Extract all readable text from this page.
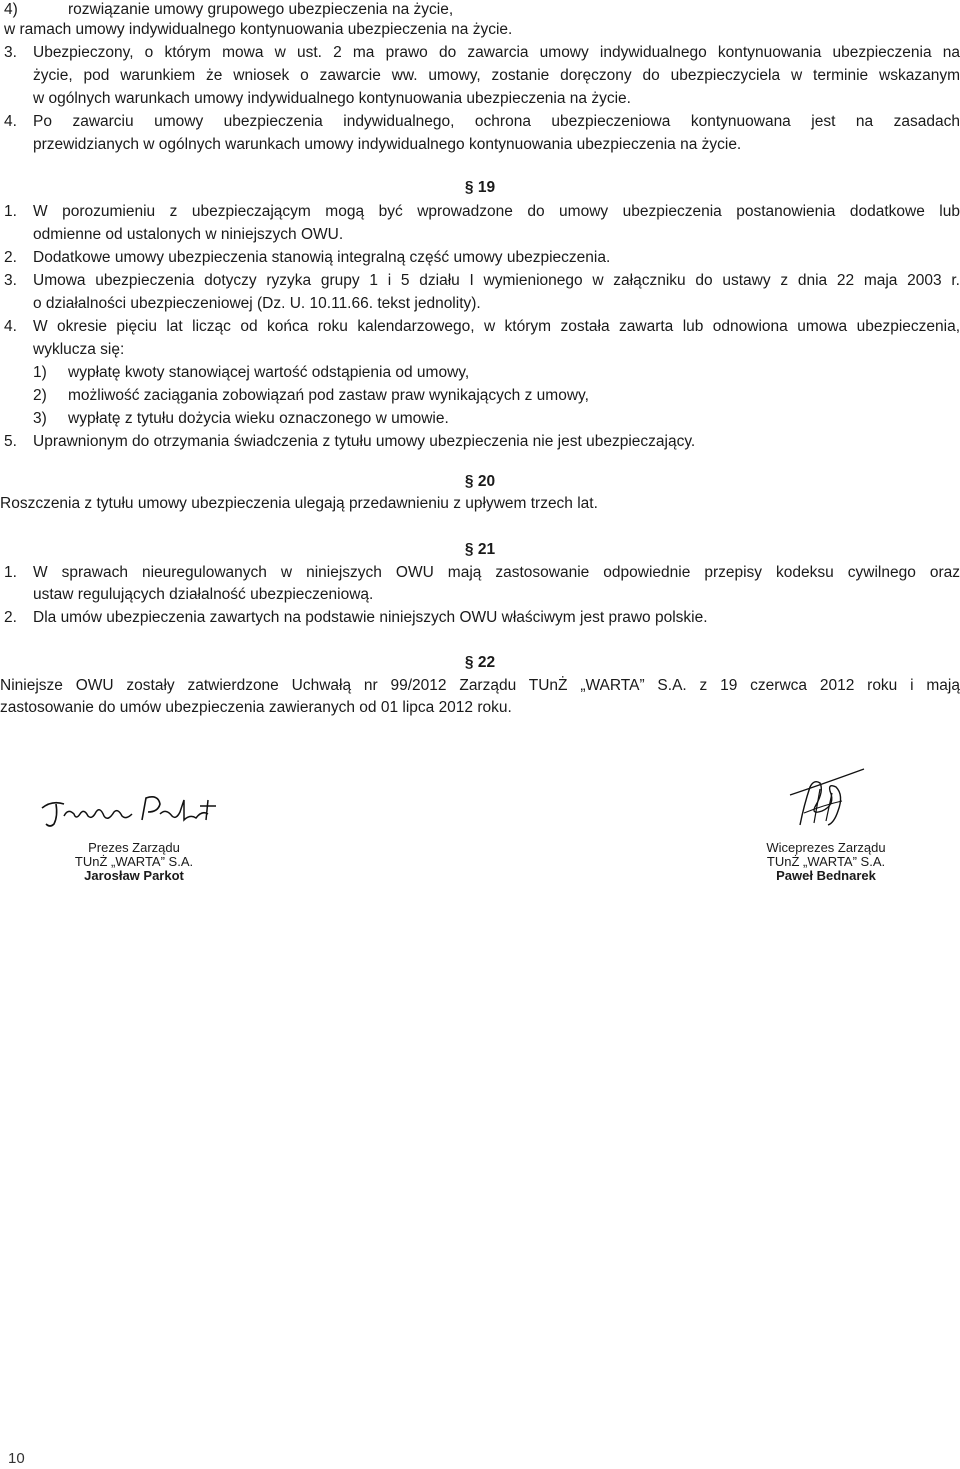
4)	rozwiązanie umowy grupowego ubezpieczenia na życie,
w ramach umowy indywidualnego kontynuowania ubezpieczenia na życie.
3. Ubezpieczony, o którym mowa w ust. 2 ma prawo do zawarcia umowy indywidualnego kontynuowania ubezpieczenia na
życie, pod warunkiem że wniosek o zawarcie ww. umowy, zostanie doręczony do ubezpieczyciela w terminie wskazanym
w ogólnych warunkach umowy indywidualnego kontynuowania ubezpieczenia na życie.
4. Po zawarciu umowy ubezpieczenia indywidualnego, ochrona ubezpieczeniowa kontynuowana jest na zasadach
przewidzianych w ogólnych warunkach umowy indywidualnego kontynuowania ubezpieczenia na życie.
§ 19
1. W porozumieniu z ubezpieczającym mogą być wprowadzone do umowy ubezpieczenia postanowienia dodatkowe lub
odmienne od ustalonych w niniejszych OWU.
2. Dodatkowe umowy ubezpieczenia stanowią integralną część umowy ubezpieczenia.
3. Umowa ubezpieczenia dotyczy ryzyka grupy 1 i 5 działu I wymienionego w załączniku do ustawy z dnia 22 maja 2003 r.
o działalności ubezpieczeniowej (Dz. U. 10.11.66. tekst jednolity).
4. W okresie pięciu lat licząc od końca roku kalendarzowego, w którym została zawarta lub odnowiona umowa ubezpieczenia,
wyklucza się:
1) wypłatę kwoty stanowiącej wartość odstąpienia od umowy,
2) możliwość zaciągania zobowiązań pod zastaw praw wynikających z umowy,
3) wypłatę z tytułu dożycia wieku oznaczonego w umowie.
5. Uprawnionym do otrzymania świadczenia z tytułu umowy ubezpieczenia nie jest ubezpieczający.
§ 20
Roszczenia z tytułu umowy ubezpieczenia ulegają przedawnieniu z upływem trzech lat.
§ 21
1. W sprawach nieuregulowanych w niniejszych OWU mają zastosowanie odpowiednie przepisy kodeksu cywilnego oraz
ustaw regulujących działalność ubezpieczeniową.
2. Dla umów ubezpieczenia zawartych na podstawie niniejszych OWU właściwym jest prawo polskie.
§ 22
Niniejsze OWU zostały zatwierdzone Uchwałą nr 99/2012 Zarządu TUnŻ „WARTA” S.A. z 19 czerwca 2012 roku i mają
zastosowanie do umów ubezpieczenia zawieranych od 01 lipca 2012 roku.
Prezes Zarządu
TUnŻ „WARTA” S.A.
Jarosław Parkot
Wiceprezes Zarządu
TUnŻ „WARTA” S.A.
Paweł Bednarek
10
